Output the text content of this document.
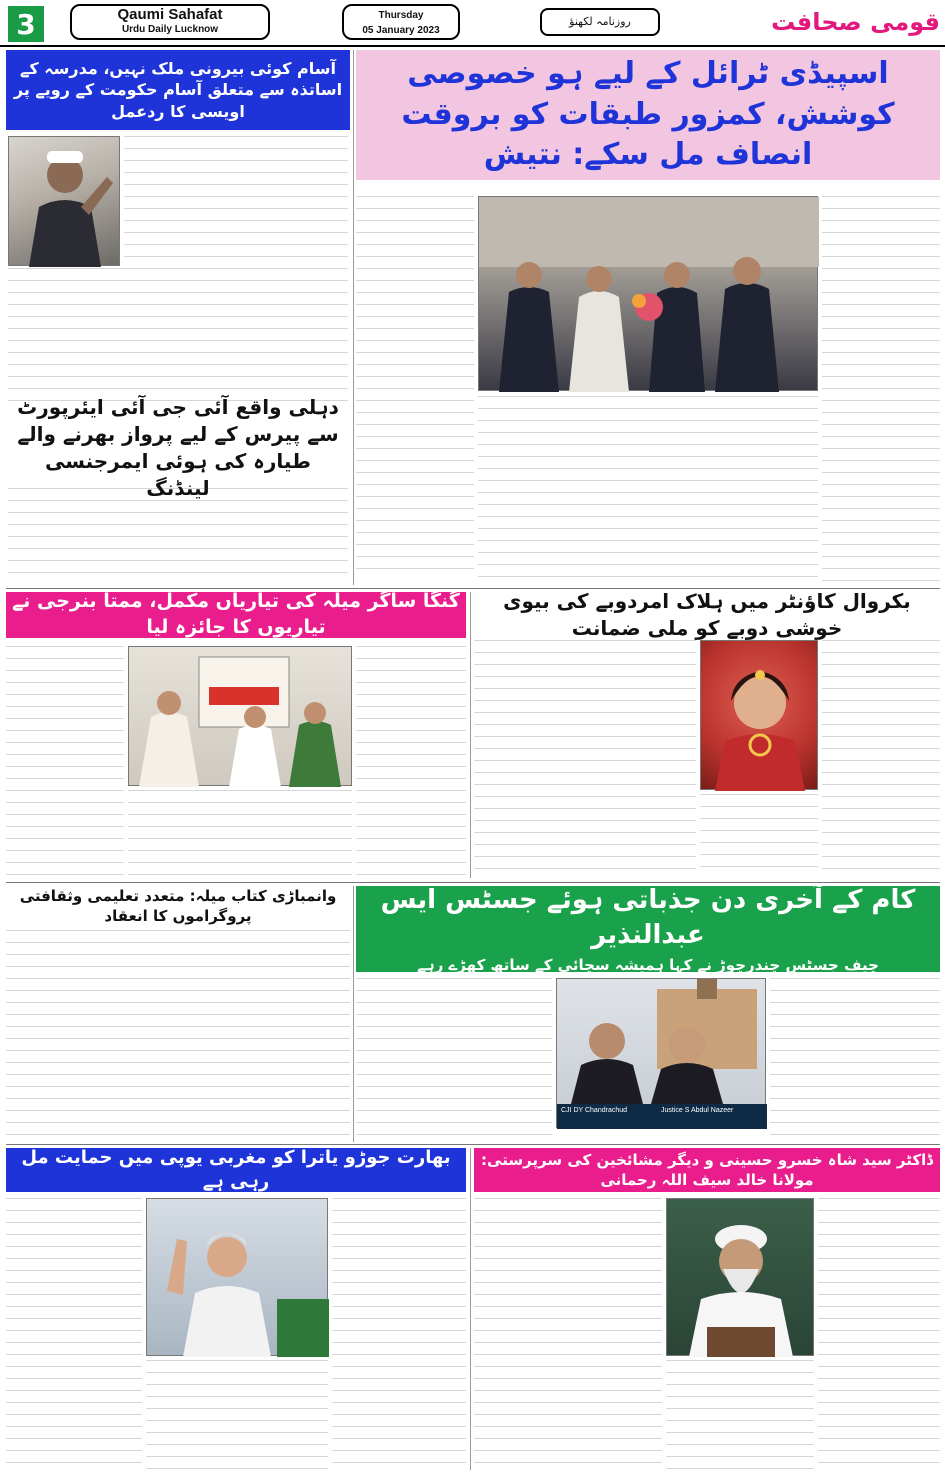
3	Qaumi Sahafat
Urdu Daily Lucknow
Thursday
05 January 2023
روزنامہ لکھنؤ	قومی صحافت
آسام کوئی بیرونی ملک نہیں، مدرسہ کے اساتذہ سے متعلق آسام حکومت کے رویے پر اویسی کا ردعمل
اسپیڈی ٹرائل کے لیے ہو خصوصی کوشش، کمزور طبقات کو بروقت انصاف مل سکے: نتیش
دہلی واقع آئی جی آئی ایئرپورٹ سے پیرس کے لیے پرواز بھرنے والے طیارہ کی ہوئی ایمرجنسی لینڈنگ
گنگا ساگر میلہ کی تیاریاں مکمل، ممتا بنرجی نے تیاریوں کا جائزہ لیا
بکروال کاؤنٹر میں ہلاک امردوبے کی بیوی خوشی دوبے کو ملی ضمانت
وانمباڑی کتاب میلہ: متعدد تعلیمی وثقافتی پروگراموں کا انعقاد
کام کے آخری دن جذباتی ہوئے جسٹس ایس عبدالنذیر
چیف جسٹس چندرچوڑ نے کہا ہمیشہ سچائی کے ساتھ کھڑے رہے
CJI DY Chandrachud	Justice S Abdul Nazeer
بھارت جوڑو یاترا کو مغربی یوپی میں حمایت مل رہی ہے
ڈاکٹر سید شاہ خسرو حسینی و دیگر مشائخین کی سرپرستی: مولانا خالد سیف اللہ رحمانی
